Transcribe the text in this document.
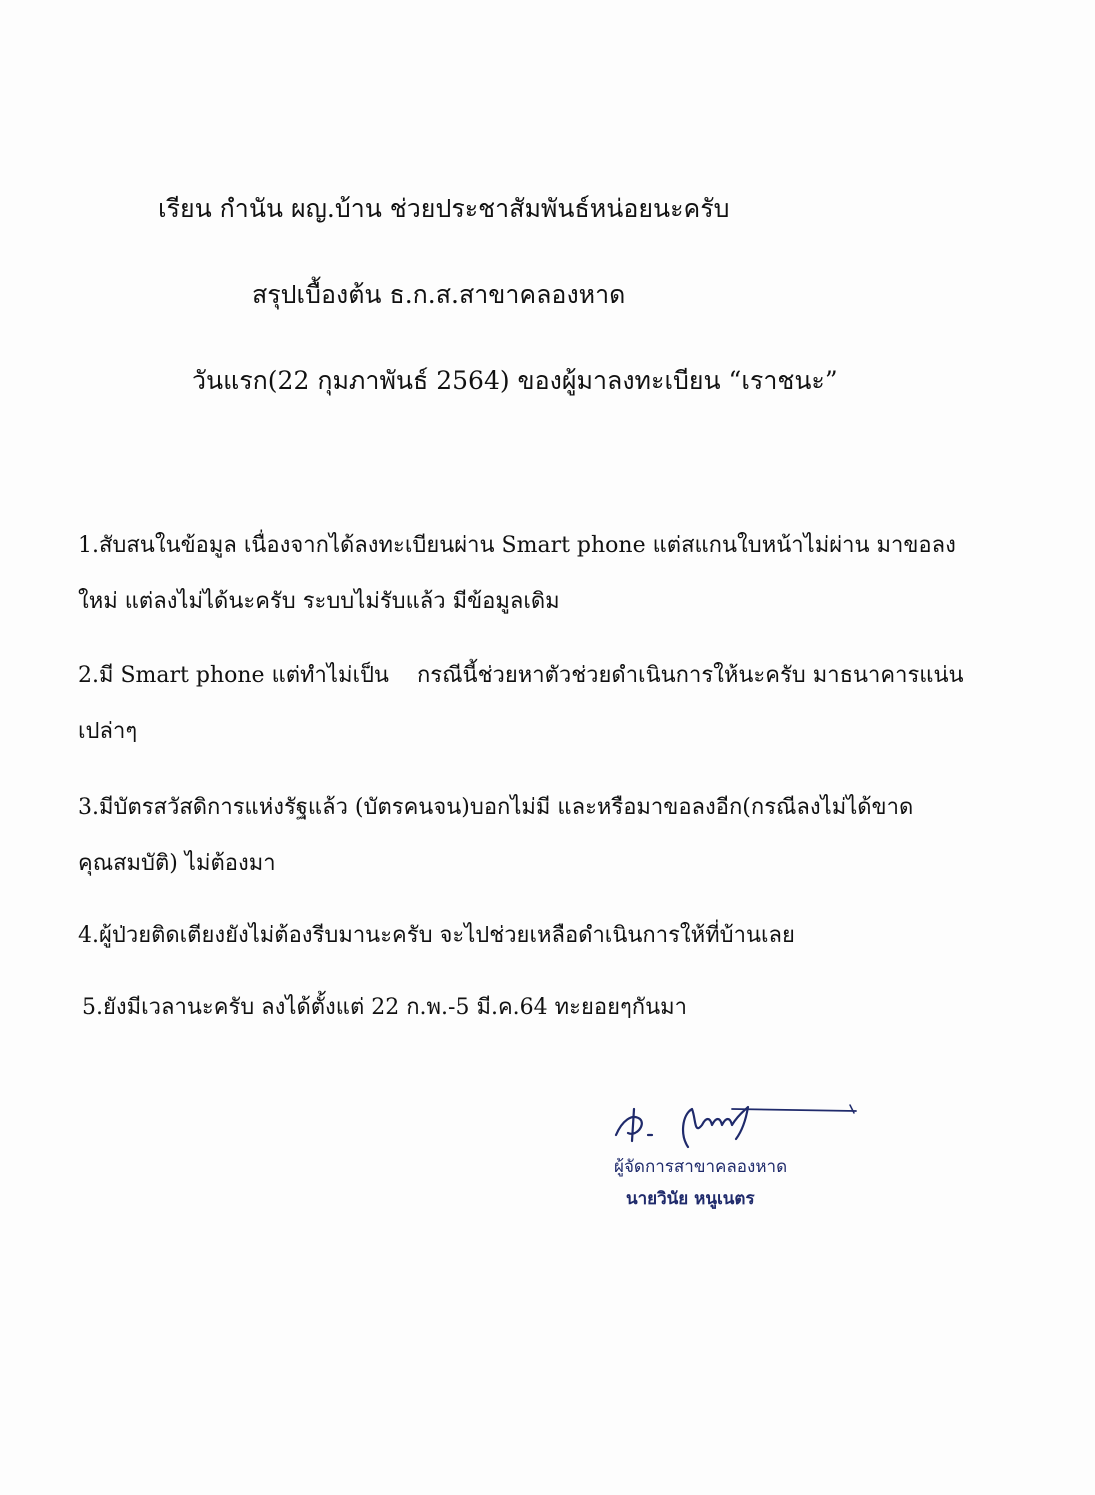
เรียน กำนัน ผญ.บ้าน ช่วยประชาสัมพันธ์หน่อยนะครับ
สรุปเบื้องต้น ธ.ก.ส.สาขาคลองหาด
วันแรก(22 กุมภาพันธ์ 2564) ของผู้มาลงทะเบียน “เราชนะ”
1.สับสนในข้อมูล เนื่องจากได้ลงทะเบียนผ่าน Smart phone แต่สแกนใบหน้าไม่ผ่าน มาขอลง
ใหม่ แต่ลงไม่ได้นะครับ ระบบไม่รับแล้ว มีข้อมูลเดิม
2.มี Smart phone แต่ทำไม่เป็น กรณีนี้ช่วยหาตัวช่วยดำเนินการให้นะครับ มาธนาคารแน่น
เปล่าๆ
3.มีบัตรสวัสดิการแห่งรัฐแล้ว (บัตรคนจน)บอกไม่มี และหรือมาขอลงอีก(กรณีลงไม่ได้ขาด
คุณสมบัติ) ไม่ต้องมา
4.ผู้ป่วยติดเตียงยังไม่ต้องรีบมานะครับ จะไปช่วยเหลือดำเนินการให้ที่บ้านเลย
5.ยังมีเวลานะครับ ลงได้ตั้งแต่ 22 ก.พ.-5 มี.ค.64 ทะยอยๆกันมา
ผู้จัดการสาขาคลองหาด
นายวินัย หนูเนตร
